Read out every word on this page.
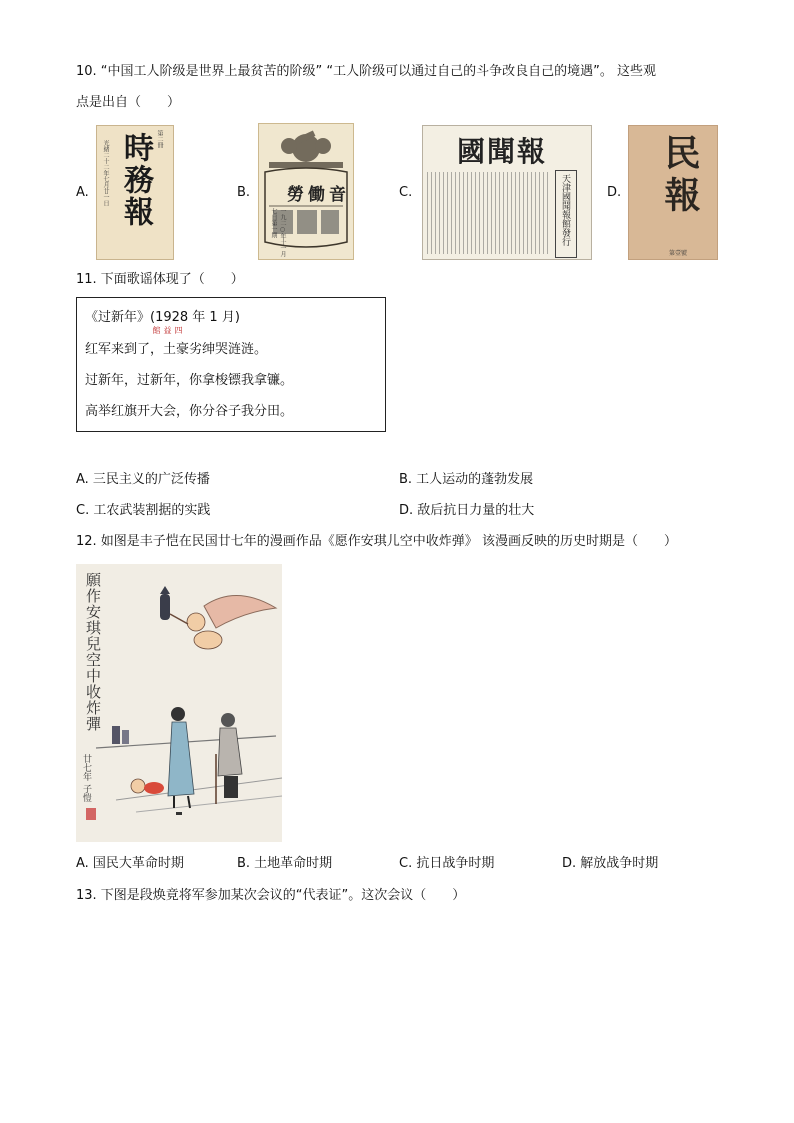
10. “中国工人阶级是世界上最贫苦的阶级” “工人阶级可以通过自己的斗争改良自己的境遇”。 这些观
点是出自（　　）
A. 光緒二十二年七月廿一日
第二冊
時務報
四益館
B. 勞働音
一九二○年十一月七日第一期
C.
國聞報
天津國聞報館發行	D. 民報
第壹號
11. 下面歌谣体现了（　　）
《过新年》(1928 年 1 月)
红军来到了，土豪劣绅哭涟涟。
过新年，过新年，你拿梭镖我拿镰。
高举红旗开大会，你分谷子我分田。
A. 三民主义的广泛传播	B. 工人运动的蓬勃发展
C. 工农武装割据的实践	D. 敌后抗日力量的壮大
12. 如图是丰子恺在民国廿七年的漫画作品《愿作安琪儿空中收炸弹》 该漫画反映的历史时期是（　　）
願作安琪兒空中收炸彈
廿七年 子愷
A. 国民大革命时期	B. 土地革命时期	C. 抗日战争时期	D. 解放战争时期
13. 下图是段焕竟将军参加某次会议的“代表证”。这次会议（　　）
